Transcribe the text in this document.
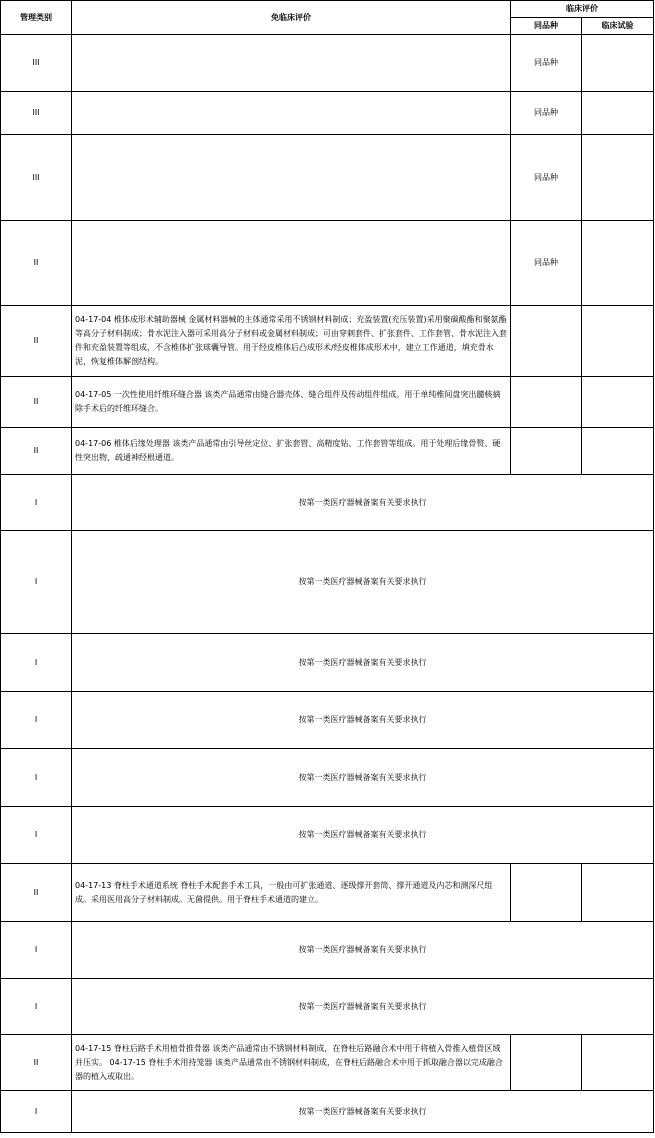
管理类别	免临床评价	临床评价	
		同品种	临床试验
III		同品种	
III		同品种	
III		同品种	
II		同品种	
II	04-17-04 椎体成形术辅助器械 金属材料器械的主体通常采用不锈钢材料制成；充盈装置(充压装置)采用聚碳酸酯和聚氨酯等高分子材料制成；骨水泥注入器可采用高分子材料或金属材料制成；可由穿刺套件、扩张套件、工作套管、骨水泥注入套件和充盈装置等组成，不含椎体扩张球囊导管。用于经皮椎体后凸成形术/经皮椎体成形术中，建立工作通道，填充骨水泥，恢复椎体解剖结构。		
II	04-17-05 一次性使用纤维环缝合器 该类产品通常由缝合器壳体、缝合组件及传动组件组成。用于单纯椎间盘突出髓核摘除手术后的纤维环缝合。		
II	04-17-06 椎体后缘处理器 该类产品通常由引导丝定位、扩张套管、高精度钻、工作套管等组成。用于处理后缘骨赘、硬性突出物，疏通神经根通道。		
I	按第一类医疗器械备案有关要求执行		
I	按第一类医疗器械备案有关要求执行		
I	按第一类医疗器械备案有关要求执行		
I	按第一类医疗器械备案有关要求执行		
I	按第一类医疗器械备案有关要求执行		
I	按第一类医疗器械备案有关要求执行		
II	04-17-13 脊柱手术通道系统 脊柱手术配套手术工具，一般由可扩张通道、逐级撑开套筒、撑开通道及内芯和测深尺组成。采用医用高分子材料制成。无菌提供。用于脊柱手术通道的建立。		
I	按第一类医疗器械备案有关要求执行		
I	按第一类医疗器械备案有关要求执行		
II	04-17-15 脊柱后路手术用植骨推骨器 该类产品通常由不锈钢材料制成，在脊柱后路融合术中用于将植入骨推入植骨区域并压实。 04-17-15 脊柱手术用持笼器 该类产品通常由不锈钢材料制成，在脊柱后路融合术中用于抓取融合器以完成融合器的植入或取出。		
I	按第一类医疗器械备案有关要求执行		
